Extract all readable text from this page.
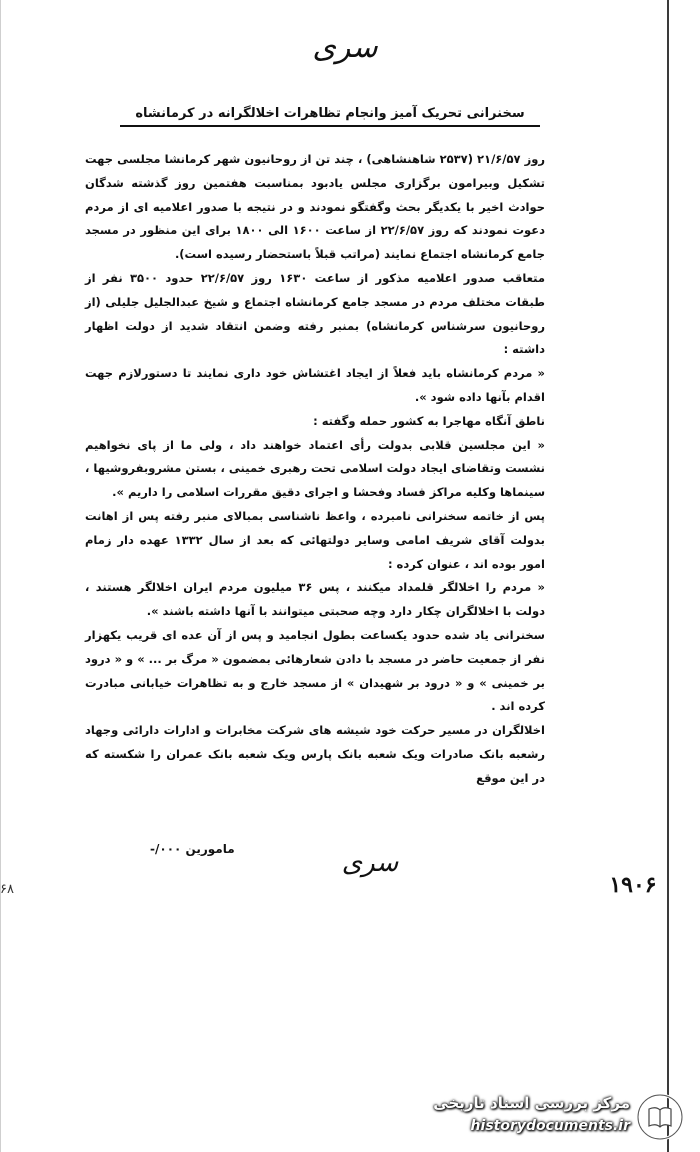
سری
سخنرانی تحریک آمیز وانجام تظاهرات اخلالگرانه در کرمانشاه

روز ۲۱/۶/۵۷ (۲۵۳۷ شاهنشاهی) ، چند تن از روحانیون شهر کرمانشا مجلسی جهت تشکیل وبیرامون برگزاری مجلس یادبود بمناسبت هفتمین روز گذشته شدگان حوادث اخیر با یکدیگر بحث وگفتگو نمودند و در نتیجه با صدور اعلامیه ای از مردم دعوت نمودند که روز ۲۲/۶/۵۷ از ساعت ۱۶۰۰ الی ۱۸۰۰ برای این منظور در مسجد جامع کرمانشاه اجتماع نمایند (مراتب قبلاً باستحضار رسیده است).

متعاقب صدور اعلامیه مذکور از ساعت ۱۶۳۰ روز ۲۲/۶/۵۷ حدود ۳۵۰۰ نفر از طبقات مختلف مردم در مسجد جامع کرمانشاه اجتماع و شیخ عبدالجلیل جلیلی (از روحانیون سرشناس کرمانشاه) بمنبر رفته وضمن انتقاد شدید از دولت اظهار داشته :

« مردم کرمانشاه باید فعلاً از ایجاد اغتشاش خود داری نمایند تا دستورلازم جهت اقدام بآنها داده شود ».

ناطق آنگاه مهاجرا به کشور حمله وگفته :

« این مجلسین قلابی بدولت رأی اعتماد خواهند داد ، ولی ما از پای نخواهیم نشست وتقاضای ایجاد دولت اسلامی تحت رهبری خمینی ، بستن مشروبفروشیها ، سینماها وکلیه مراکز فساد وفحشا و اجرای دقیق مقررات اسلامی را داریم ».

پس از خاتمه سخنرانی نامبرده ، واعظ ناشناسی بمبالای منبر رفته پس از اهانت بدولت آقای شریف امامی وسایر دولتهائی که بعد از سال ۱۳۳۲ عهده دار زمام امور بوده اند ، عنوان کرده :

« مردم را اخلالگر قلمداد میکنند ، پس ۳۶ میلیون مردم ایران اخلالگر هستند ، دولت با اخلالگران چکار دارد وچه صحبتی میتوانند با آنها داشته باشند ».

سخنرانی یاد شده حدود یکساعت بطول انجامید و پس از آن عده ای قریب یکهزار نفر از جمعیت حاضر در مسجد با دادن شعارهائی بمضمون « مرگ بر ... » و « درود بر خمینی » و « درود بر شهیدان » از مسجد خارج و به تظاهرات خیابانی مبادرت کرده اند .

اخلالگران در مسیر حرکت خود شیشه های شرکت مخابرات و ادارات دارائی وجهاد رشعبه بانک صادرات ویک شعبه بانک پارس ویک شعبه بانک عمران را شکسته که در این موقع

مامورین ۰۰۰/-	سری
۱۹۰۶
۶۸
مرکز بررسی اسناد تاریخی
historydocuments.ir
